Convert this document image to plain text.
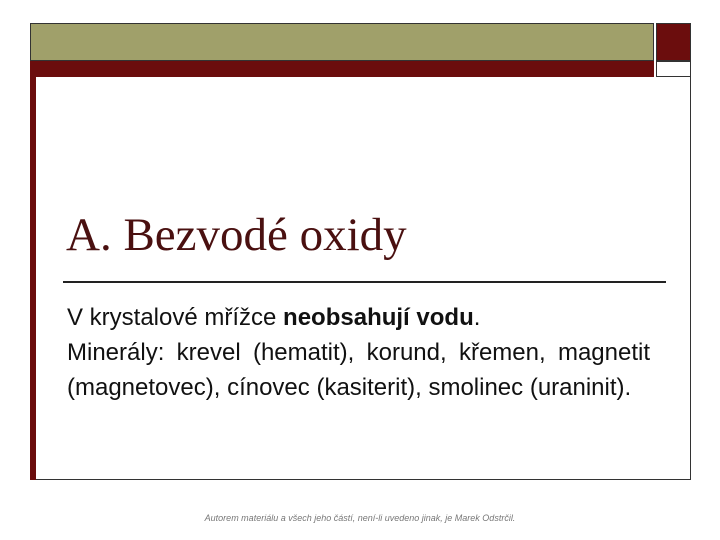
A. Bezvodé oxidy

V krystalové mřížce neobsahují vodu.

Minerály: krevel (hematit), korund, křemen, magnetit (magnetovec), cínovec (kasiterit), smolinec (uraninit).

Autorem materiálu a všech jeho částí, není-li uvedeno jinak, je Marek Odstrčil.
